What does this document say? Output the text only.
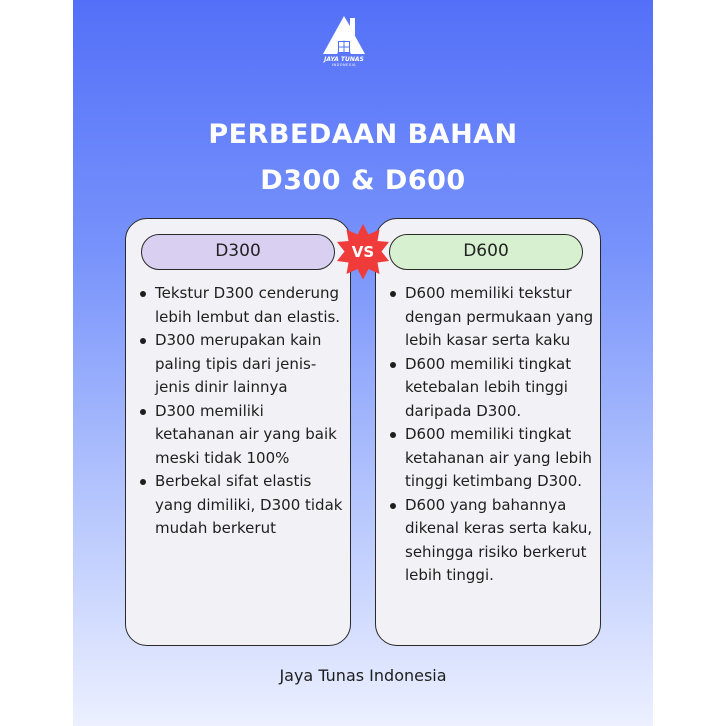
JAYA TUNAS
INDONESIA
PERBEDAAN BAHAN
D300 & D600
D300	D600
VS
Tekstur D300 cenderung lebih lembut dan elastis.
D300 merupakan kain paling tipis dari jenis-jenis dinir lainnya
D300 memiliki ketahanan air yang baik meski tidak 100%
Berbekal sifat elastis yang dimiliki, D300 tidak mudah berkerut
D600 memiliki tekstur dengan permukaan yang lebih kasar serta kaku
D600 memiliki tingkat ketebalan lebih tinggi daripada D300.
D600 memiliki tingkat ketahanan air yang lebih tinggi ketimbang D300.
D600 yang bahannya dikenal keras serta kaku, sehingga risiko berkerut lebih tinggi.
Jaya Tunas Indonesia
